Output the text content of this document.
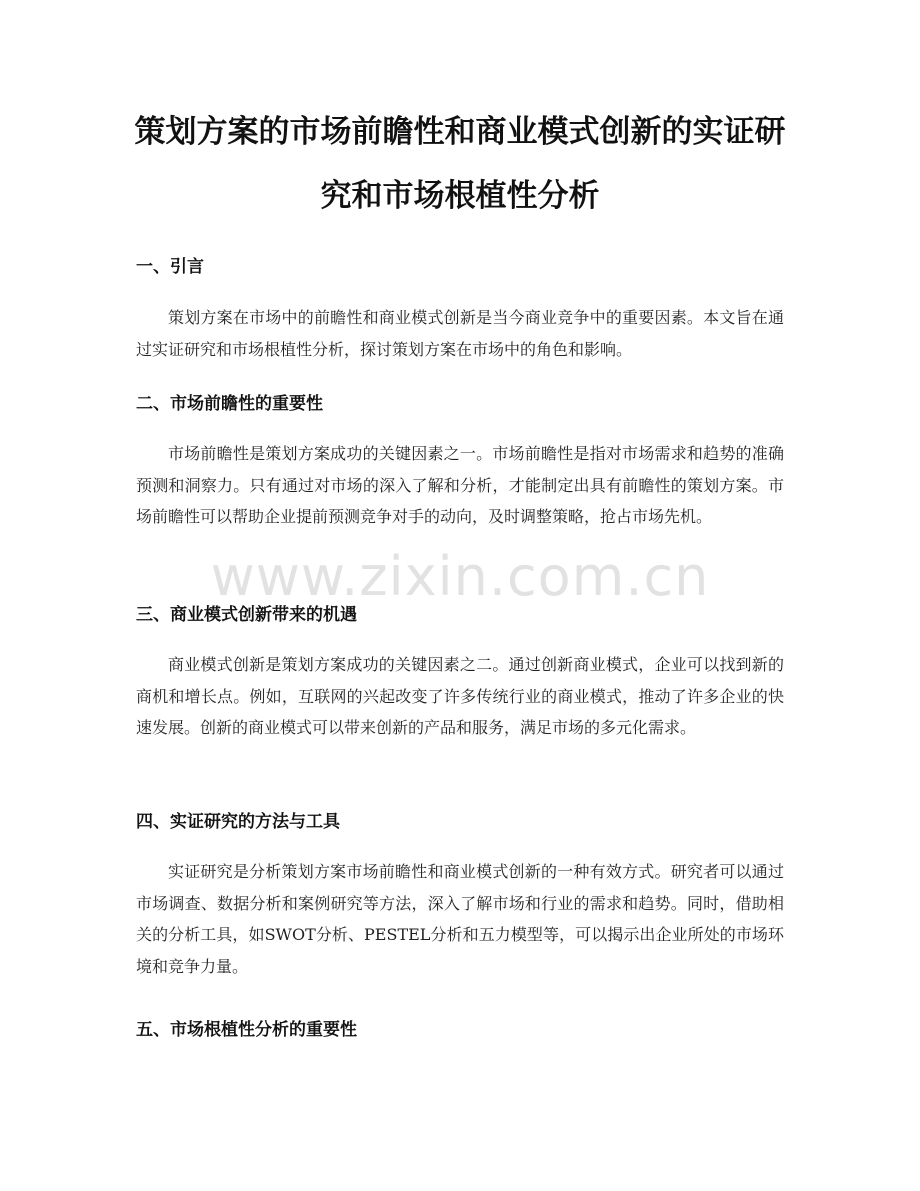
策划方案的市场前瞻性和商业模式创新的实证研究和市场根植性分析
一、引言

策划方案在市场中的前瞻性和商业模式创新是当今商业竞争中的重要因素。本文旨在通过实证研究和市场根植性分析，探讨策划方案在市场中的角色和影响。

二、市场前瞻性的重要性

市场前瞻性是策划方案成功的关键因素之一。市场前瞻性是指对市场需求和趋势的准确预测和洞察力。只有通过对市场的深入了解和分析，才能制定出具有前瞻性的策划方案。市场前瞻性可以帮助企业提前预测竞争对手的动向，及时调整策略，抢占市场先机。

三、商业模式创新带来的机遇

商业模式创新是策划方案成功的关键因素之二。通过创新商业模式，企业可以找到新的商机和增长点。例如，互联网的兴起改变了许多传统行业的商业模式，推动了许多企业的快速发展。创新的商业模式可以带来创新的产品和服务，满足市场的多元化需求。

四、实证研究的方法与工具

实证研究是分析策划方案市场前瞻性和商业模式创新的一种有效方式。研究者可以通过市场调查、数据分析和案例研究等方法，深入了解市场和行业的需求和趋势。同时，借助相关的分析工具，如SWOT分析、PESTEL分析和五力模型等，可以揭示出企业所处的市场环境和竞争力量。

五、市场根植性分析的重要性
www.zixin.com.cn
